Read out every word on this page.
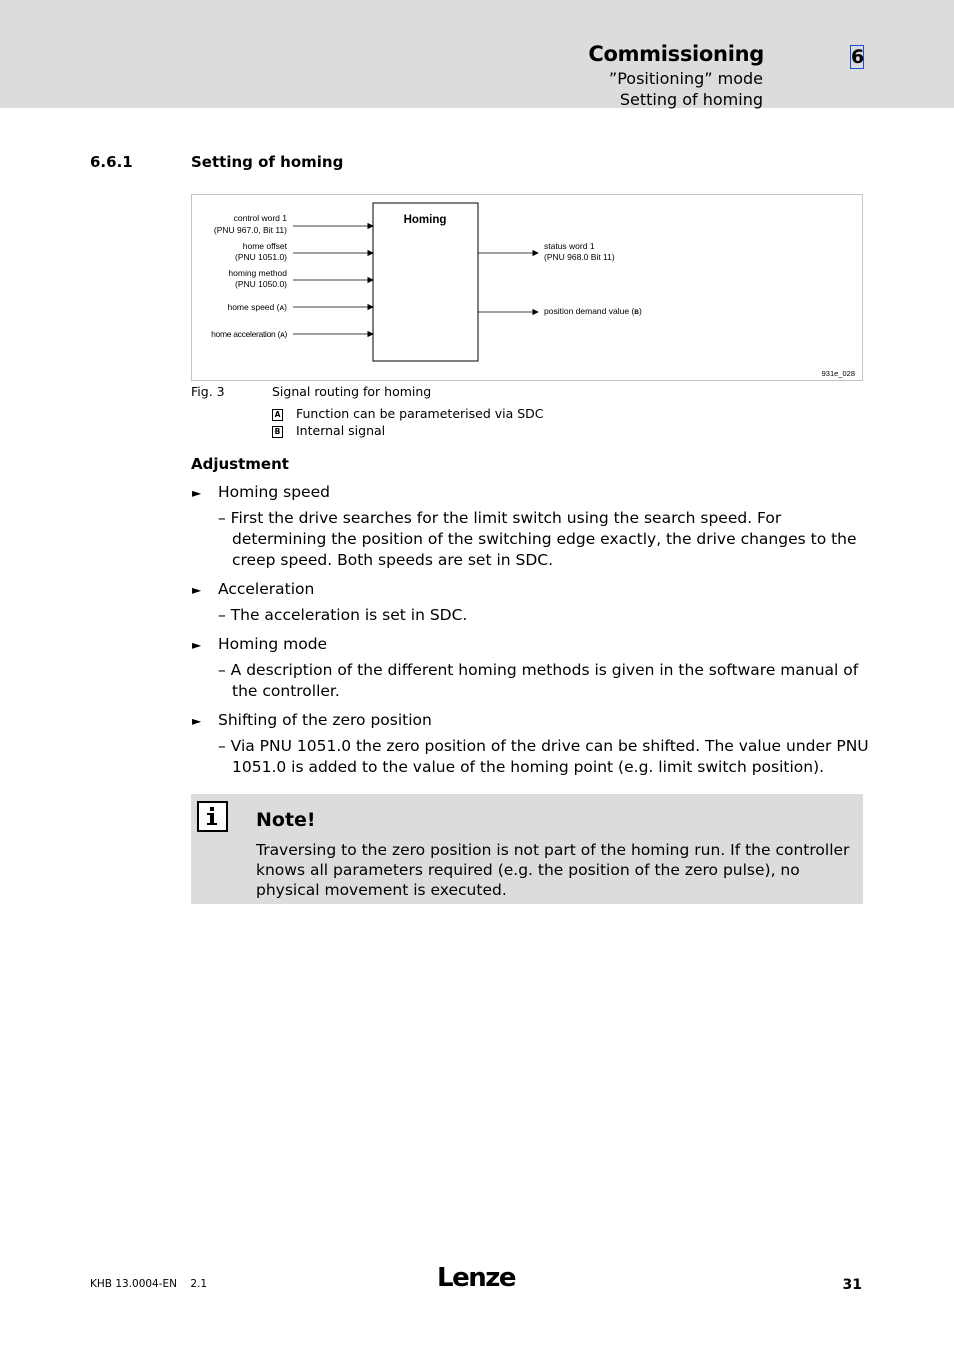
Commissioning
”Positioning” mode
Setting of homing
6
6.6.1	Setting of homing
Homing
control word 1
(PNU 967.0, Bit 11)
home offset
(PNU 1051.0)
homing method
(PNU 1050.0)
home speed (A)
home acceleration (A)
status word 1
(PNU 968.0 Bit 11)
position demand value (B)
931e_028
Fig. 3	Signal routing for homing
A Function can be parameterised via SDC
B Internal signal
Adjustment
► Homing speed
– First the drive searches for the limit switch using the search speed. For determining the position of the switching edge exactly, the drive changes to the creep speed. Both speeds are set in SDC.
► Acceleration
– The acceleration is set in SDC.
► Homing mode
– A description of the different homing methods is given in the software manual of the controller.
► Shifting of the zero position
– Via PNU 1051.0 the zero position of the drive can be shifted. The value under PNU 1051.0 is added to the value of the homing point (e.g. limit switch position).
Note!
Traversing to the zero position is not part of the homing run. If the controller knows all parameters required (e.g. the position of the zero pulse), no physical movement is executed.
KHB 13.0004-EN 2.1	Lenze	31
